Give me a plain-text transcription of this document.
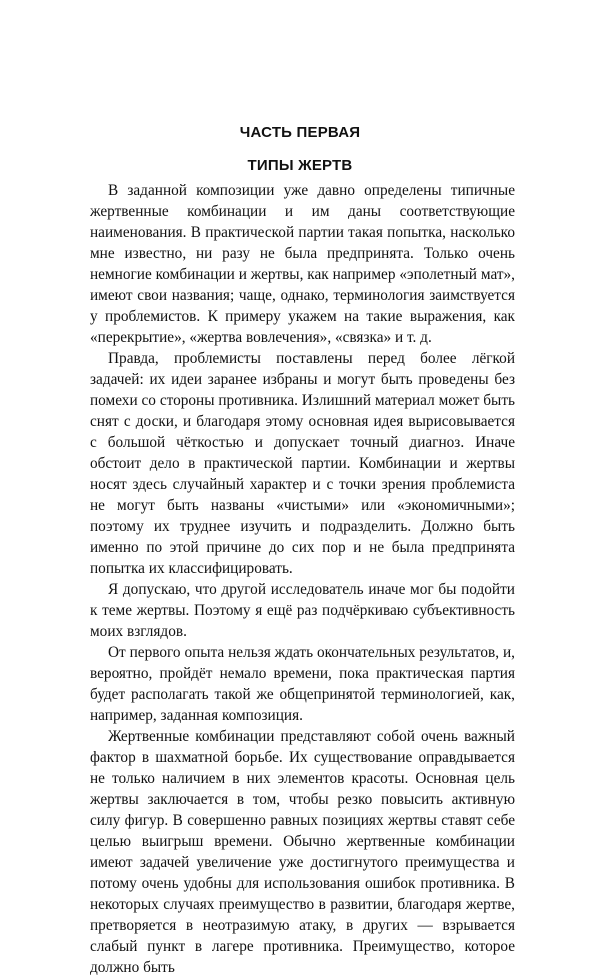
ЧАСТЬ ПЕРВАЯ
ТИПЫ ЖЕРТВ

В заданной композиции уже давно определены типичные жертвенные комбинации и им даны соответствующие наименования. В практической партии такая попытка, насколько мне известно, ни разу не была предпринята. Только очень немногие комбинации и жертвы, как например «эполетный мат», имеют свои названия; чаще, однако, терминология заимствуется у проблемистов. К примеру укажем на такие выражения, как «перекрытие», «жертва вовлечения», «связка» и т. д.

Правда, проблемисты поставлены перед более лёгкой задачей: их идеи заранее избраны и могут быть проведены без помехи со стороны противника. Излишний материал может быть снят с доски, и благодаря этому основная идея вырисовывается с большой чёткостью и допускает точный диагноз. Иначе обстоит дело в практической партии. Комбинации и жертвы носят здесь случайный характер и с точки зрения проблемиста не могут быть названы «чистыми» или «экономичными»; поэтому их труднее изучить и подразделить. Должно быть именно по этой причине до сих пор и не была предпринята попытка их классифицировать.

Я допускаю, что другой исследователь иначе мог бы подойти к теме жертвы. Поэтому я ещё раз подчёркиваю субъективность моих взглядов.

От первого опыта нельзя ждать окончательных результатов, и, вероятно, пройдёт немало времени, пока практическая партия будет располагать такой же общепринятой терминологией, как, например, заданная композиция.

Жертвенные комбинации представляют собой очень важный фактор в шахматной борьбе. Их существование оправдывается не только наличием в них элементов красоты. Основная цель жертвы заключается в том, чтобы резко повысить активную силу фигур. В совершенно равных позициях жертвы ставят себе целью выигрыш времени. Обычно жертвенные комбинации имеют задачей увеличение уже достигнутого преимущества и потому очень удобны для использования ошибок противника. В некоторых случаях преимущество в развитии, благодаря жертве, претворяется в неотразимую атаку, в других — взрывается слабый пункт в лагере противника. Преимущество, которое должно быть
